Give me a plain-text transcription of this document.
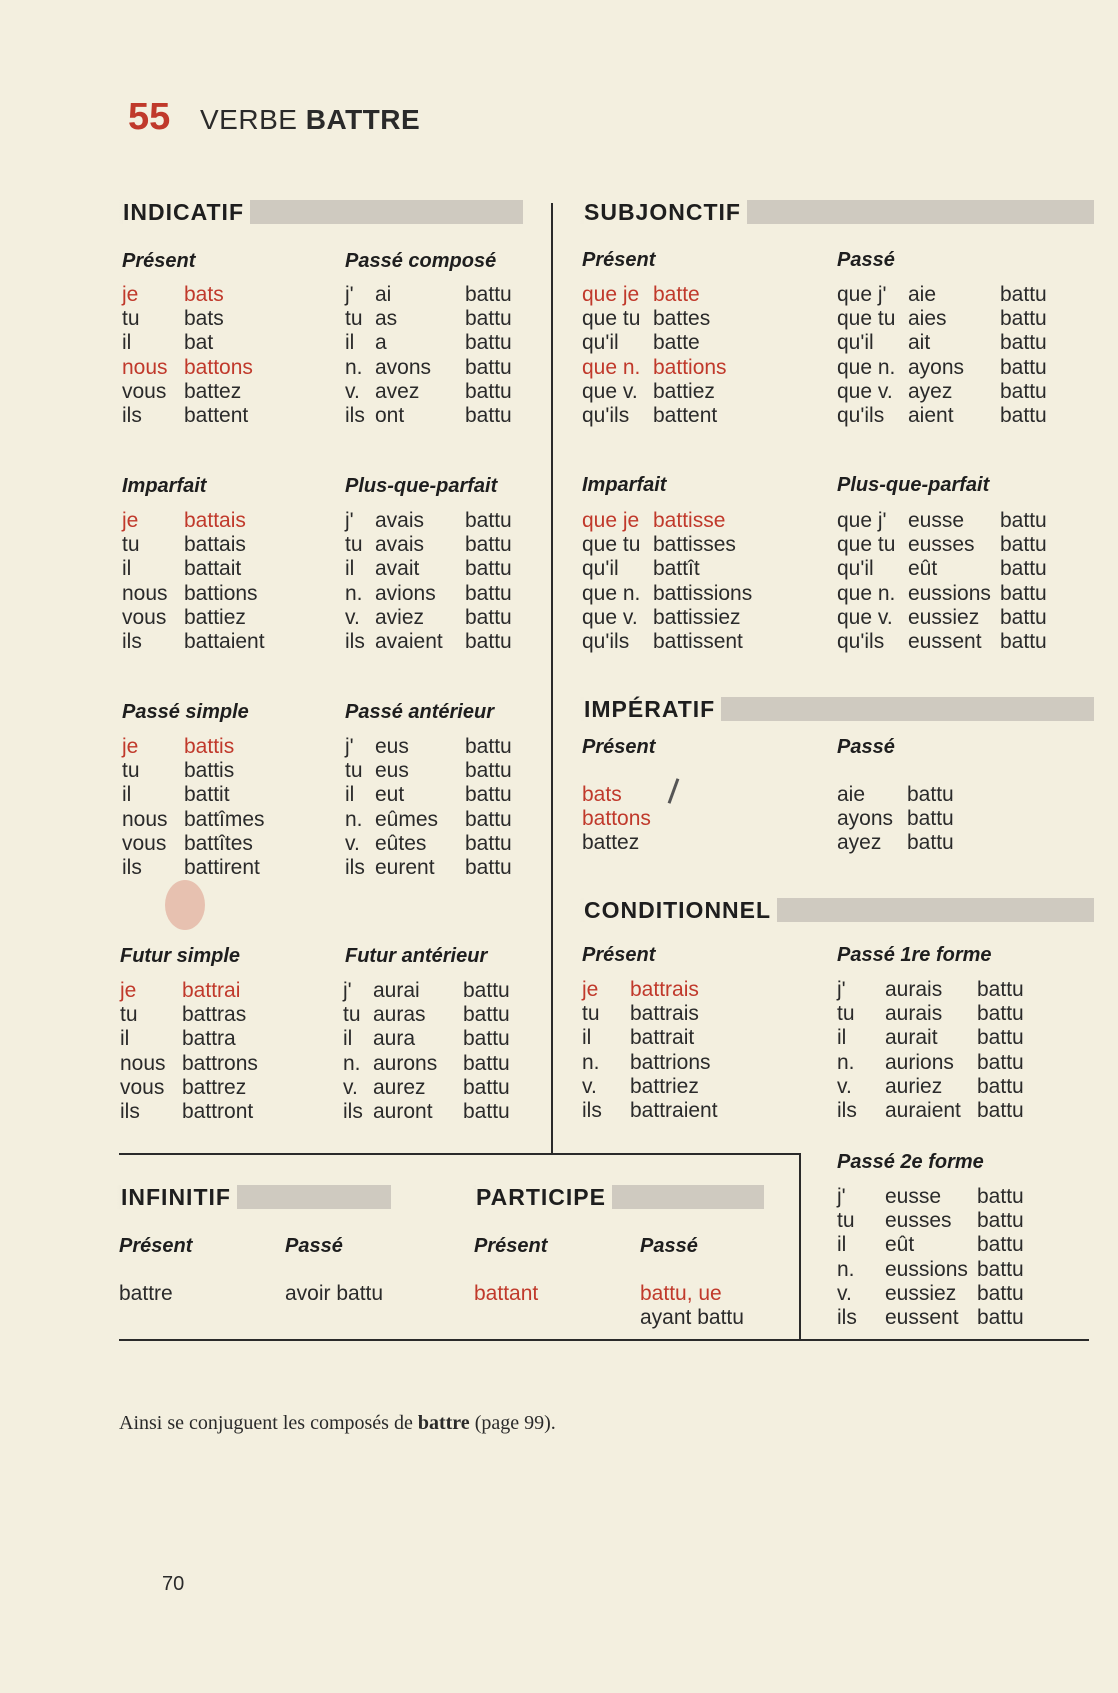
55 VERBE BATTRE
INDICATIF	SUBJONCTIF
IMPÉRATIF
CONDITIONNEL
INFINITIF	PARTICIPE
Présent	Passé composé
Imparfait	Plus-que-parfait
Passé simple	Passé antérieur
Futur simple	Futur antérieur
Présent	Passé
Imparfait	Plus-que-parfait
Présent	Passé
Présent	Passé 1re forme
Passé 2e forme
Présent	Passé	Présent	Passé
je bats
tu bats
il	bat
nous battons
vous battez
ils battent
j' ai	battu
tu as	battu
il a	battu
n. avons battu
v. avez battu
ils ont	battu
je battais
tu battais
il	battait
nous battions
vous battiez
ils battaient
j' avais battu
tu avais battu
il avait battu
n. avions battu
v. aviez battu
ils avaient battu
je battis
tu battis
il	battit
nous battîmes
vous battîtes
ils battirent
j' eus	battu
tu eus	battu
il eut	battu
n. eûmes battu
v. eûtes battu
ils eurent battu
je battrai
tu battras
il	battra
nous battrons
vous battrez
ils battront
j' aurai battu
tu auras battu
il aura battu
n. aurons battu
v. aurez battu
ils auront battu
que je batte
que tu battes
qu'il batte
que n. battions
que v. battiez
qu'ils battent
que j' aie	battu
que tu aies	battu
qu'il ait	battu
que n. ayons battu
que v. ayez battu
qu'ils aient battu
que je battisse
que tu battisses
qu'il battît
que n. battissions
que v. battissiez
qu'ils battissent
que j' eusse battu
que tu eusses battu
qu'il eût	battu
que n. eussions battu
que v. eussiez battu
qu'ils eussent battu
bats
battons
battez
aie battu
ayons battu
ayez battu
je battrais
tu battrais
il battrait
n. battrions
v. battriez
ils battraient
j' aurais battu
tu aurais battu
il aurait battu
n. aurions battu
v. auriez battu
ils auraient battu
j' eusse battu
tu eusses battu
il eût	battu
n. eussions battu
v. eussiez battu
ils eussent battu
battre	avoir battu	battant	battu, ue
ayant battu
Ainsi se conjuguent les composés de battre (page 99).
70
